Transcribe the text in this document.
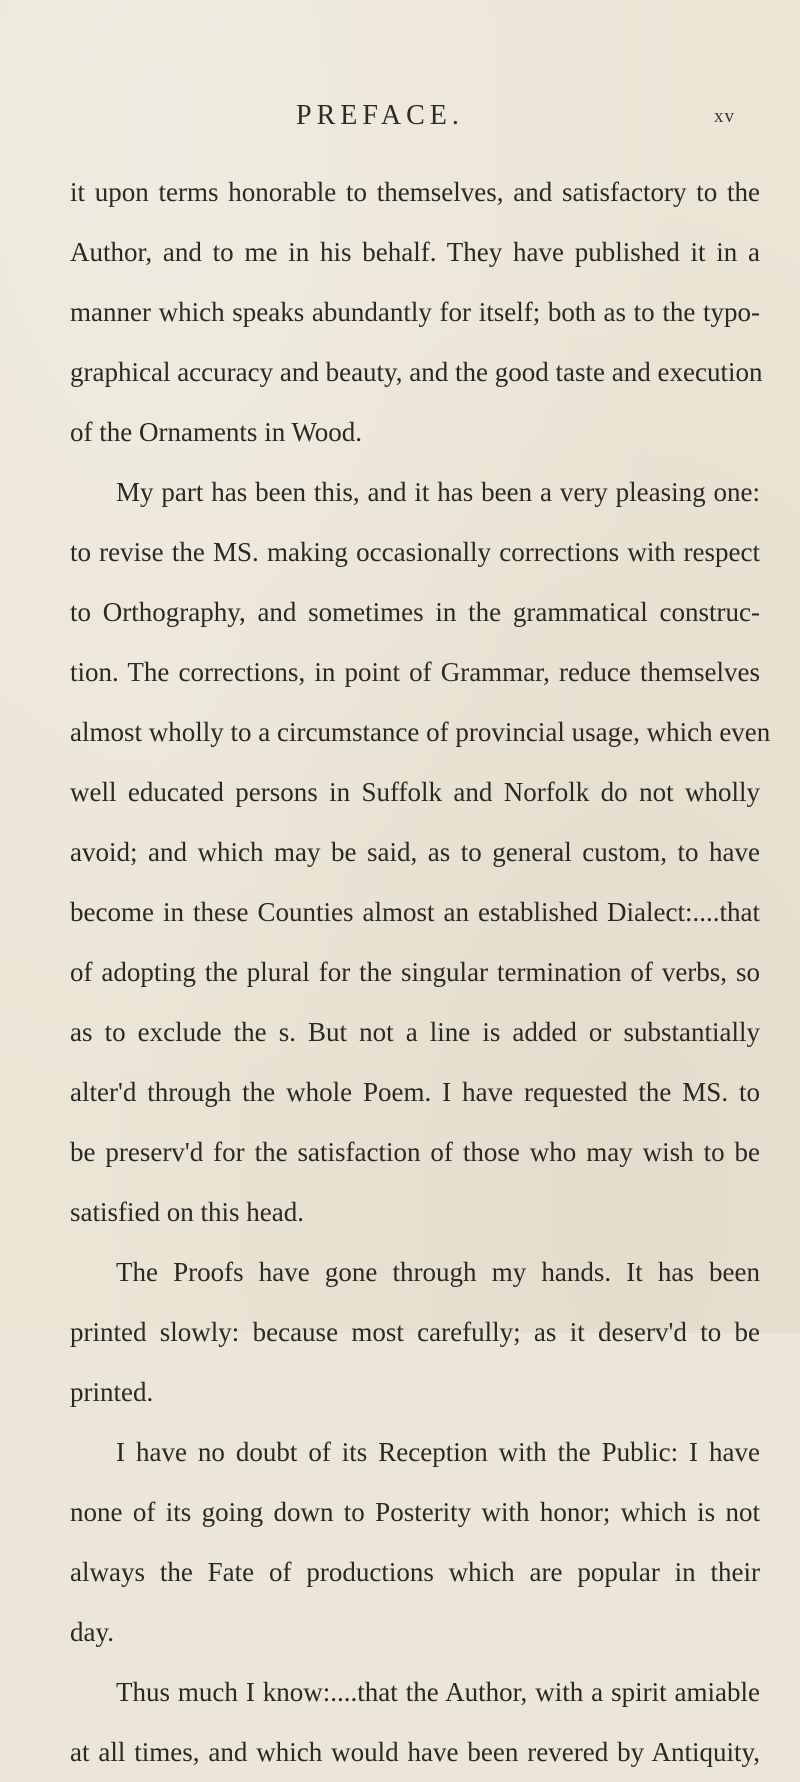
PREFACE.	xv
it upon terms honorable to themselves, and satisfactory to the
Author, and to me in his behalf. They have published it in a
manner which speaks abundantly for itself; both as to the typo-
graphical accuracy and beauty, and the good taste and execution
of the Ornaments in Wood.
My part has been this, and it has been a very pleasing one:
to revise the MS. making occasionally corrections with respect
to Orthography, and sometimes in the grammatical construc-
tion. The corrections, in point of Grammar, reduce themselves
almost wholly to a circumstance of provincial usage, which even
well educated persons in Suffolk and Norfolk do not wholly
avoid; and which may be said, as to general custom, to have
become in these Counties almost an established Dialect:....that
of adopting the plural for the singular termination of verbs, so
as to exclude the s. But not a line is added or substantially
alter'd through the whole Poem. I have requested the MS. to
be preserv'd for the satisfaction of those who may wish to be
satisfied on this head.
The Proofs have gone through my hands. It has been
printed slowly: because most carefully; as it deserv'd to be
printed.
I have no doubt of its Reception with the Public: I have
none of its going down to Posterity with honor; which is not
always the Fate of productions which are popular in their
day.
Thus much I know:....that the Author, with a spirit amiable
at all times, and which would have been revered by Antiquity,
